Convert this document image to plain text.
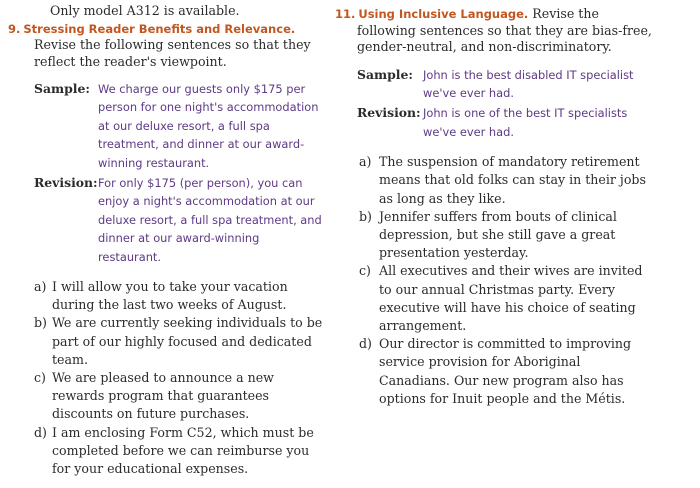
Only model A312 is available.

9. Stressing Reader Benefits and Relevance. Revise the following sentences so that they reflect the reader's viewpoint.
Sample: We charge our guests only $175 per person for one night's accommodation at our deluxe resort, a full spa treatment, and dinner at our award-winning restaurant.
Revision: For only $175 (per person), you can enjoy a night's accommodation at our deluxe resort, a full spa treatment, and dinner at our award-winning restaurant.
a) I will allow you to take your vacation during the last two weeks of August.
b) We are currently seeking individuals to be part of our highly focused and dedicated team.
c) We are pleased to announce a new rewards program that guarantees discounts on future purchases.
d) I am enclosing Form C52, which must be completed before we can reimburse you for your educational expenses.
11. Using Inclusive Language. Revise the following sentences so that they are bias-free, gender-neutral, and non-discriminatory.
Sample: John is the best disabled IT specialist we've ever had.
Revision: John is one of the best IT specialists we've ever had.
a) The suspension of mandatory retirement means that old folks can stay in their jobs as long as they like.
b) Jennifer suffers from bouts of clinical depression, but she still gave a great presentation yesterday.
c) All executives and their wives are invited to our annual Christmas party. Every executive will have his choice of seating arrangement.
d) Our director is committed to improving service provision for Aboriginal Canadians. Our new program also has options for Inuit people and the Métis.
